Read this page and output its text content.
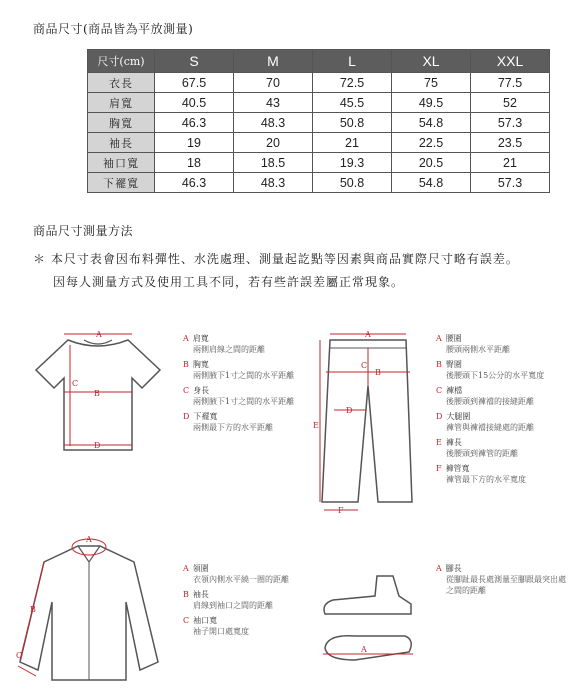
商品尺寸(商品皆為平放測量)
尺寸(cm)	S	M	L	XL	XXL
衣長	67.5	70	72.5	75	77.5
肩寬	40.5	43	45.5	49.5	52
胸寬	46.3	48.3	50.8	54.8	57.3
袖長	19	20	21	22.5	23.5
袖口寬	18	18.5	19.3	20.5	21
下襬寬	46.3	48.3	50.8	54.8	57.3
商品尺寸測量方法
＊ 本尺寸表會因布料彈性、水洗處理、測量起訖點等因素與商品實際尺寸略有誤差。
因每人測量方式及使用工具不同，若有些許誤差屬正常現象。
A
C
B
D
A 肩寬
兩側肩線之間的距離
B 胸寬
兩側腋下1寸之間的水平距離
C 身長
兩側腋下1寸之間的水平距離
D 下襬寬
兩側最下方的水平距離
A
B
C
D
E
F
A 腰圍
腰頭兩側水平距離
B 臀圍
後腰頭下15公分的水平寬度
C 褲檔
後腰頭到褲襠的接縫距離
D 大腿圍
褲管與褲襠接縫處的距離
E 褲長
後腰頭到褲管的距離
F 褲管寬
褲管最下方的水平寬度
A
B
C
A 領圍
衣領內側水平繞一圈的距離
B 袖長
肩線到袖口之間的距離
C 袖口寬
袖子開口處寬度
A
A 腳長
從腳趾最長處測量至腳跟最突出處之間的距離
